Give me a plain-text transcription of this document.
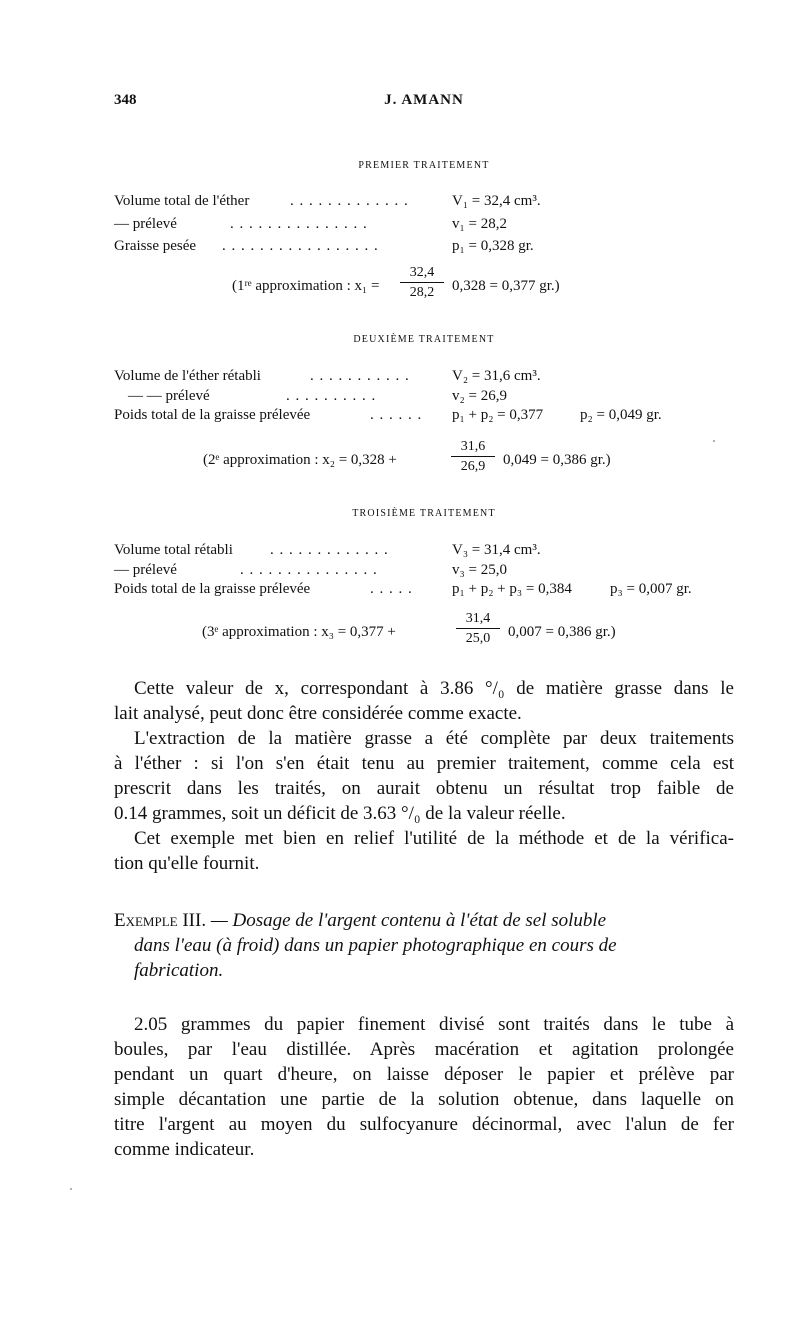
348	J. AMANN
PREMIER TRAITEMENT
Volume total de l'éther	. . . . . . . . . . . . .	V₁ = 32,4 cm³.
— prélevé	. . . . . . . . . . . . . . .	v₁ = 28,2
Graisse pesée . . . . . . . . . . . . . . . . .	p₁ = 0,328 gr.
(1ʳᵉ approximation : $x_1 = \frac{32,4}{28,2} 0,328 = 0,377$ gr.)
DEUXIÈME TRAITEMENT
Volume de l'éther rétabli	. . . . . . . . . . .	V₂ = 31,6 cm³.
— — prélevé	. . . . . . . . . .	v₂ = 26,9
Poids total de la graisse prélevée	. . . . . . p₁ + p₂ = 0,377 p₂ = 0,049 gr.
(2ᵉ approximation : x₂ = 0,328 +	$\frac{31,6}{26,9} 0,049 = 0,386$ gr.)
TROISIÈME TRAITEMENT
Volume total rétabli . . . . . . . . . . . . .	V₃ = 31,4 cm³.
— prélevé	. . . . . . . . . . . . . . .	v₃ = 25,0
Poids total de la graisse prélevée	. . . . .	p₁ + p₂ + p₃ = 0,384	p₃ = 0,007 gr.
(3ᵉ approximation : x₃ = 0,377 +	$\frac{31,4}{25,0} 0,007 = 0,386$ gr.)
Cette valeur de x, correspondant à 3.86 °/₀ de matière grasse dans le
lait analysé, peut donc être considérée comme exacte.
L'extraction de la matière grasse a été complète par deux traitements
à l'éther : si l'on s'en était tenu au premier traitement, comme cela est
prescrit dans les traités, on aurait obtenu un résultat trop faible de
0.14 grammes, soit un déficit de 3.63 °/₀ de la valeur réelle.
Cet exemple met bien en relief l'utilité de la méthode et de la vérifica-
tion qu'elle fournit.
Exemple III. — Dosage de l'argent contenu à l'état de sel soluble
dans l'eau (à froid) dans un papier photographique en cours de
fabrication.
2.05 grammes du papier finement divisé sont traités dans le tube à
boules, par l'eau distillée. Après macération et agitation prolongée
pendant un quart d'heure, on laisse déposer le papier et prélève par
simple décantation une partie de la solution obtenue, dans laquelle on
titre l'argent au moyen du sulfocyanure décinormal, avec l'alun de fer
comme indicateur.
